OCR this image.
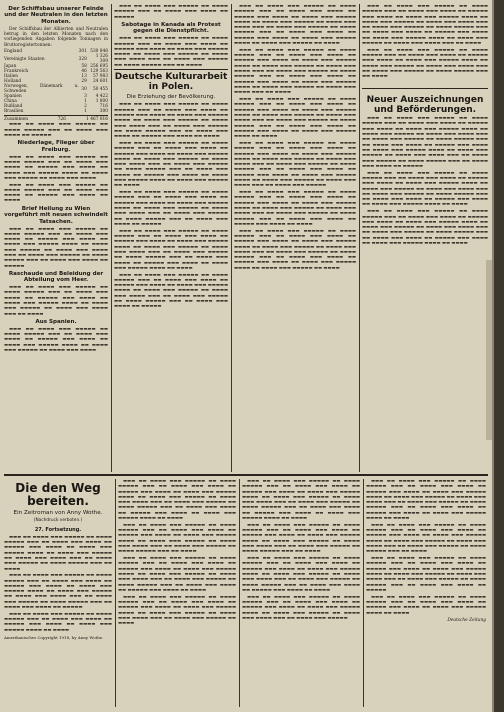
Der Schiffsbau unserer Feinde und der Neutralen in den letzten Monaten.

Der Schiffsbau der Alliierten und Neutralen betrug in den letzten Monaten nach den vorliegenden Angaben folgende Tonnagen in Bruttoregistertonnen:

England	301	530 848
Vereinigte Staaten	328	1 326 309
Japan	58	256 695
Frankreich	46	129 563
Italien	13	57 983
Holland	29	24 601
Norwegen, Dänemark u. Schweden	30	50 455
Spanien	3	4 422
China	1	1 800
Rußland	2	716
Brasilien	1	300
Zusammen	726	1 467 016

▬▬▬ ▬▬ ▬▬▬▬ ▬▬▬ ▬▬▬▬▬ ▬▬ ▬▬▬▬ ▬▬▬▬▬ ▬▬▬ ▬▬ ▬▬▬▬ ▬▬▬ ▬▬▬▬ ▬▬ ▬▬▬▬▬

Niederlage, Flieger über Freiburg.

▬▬▬ ▬▬ ▬▬▬▬ ▬▬▬ ▬▬▬▬▬ ▬▬ ▬▬▬▬ ▬▬▬▬▬ ▬▬▬ ▬▬ ▬▬▬▬ ▬▬▬ ▬▬▬▬ ▬▬ ▬▬▬▬▬ ▬▬▬ ▬▬▬▬ ▬▬ ▬▬▬▬ ▬▬▬ ▬▬▬▬▬ ▬▬▬▬ ▬▬ ▬▬▬▬ ▬▬▬ ▬▬▬▬▬ ▬▬ ▬▬▬▬ ▬▬▬ ▬▬▬▬

▬▬▬ ▬▬ ▬▬▬▬ ▬▬▬ ▬▬▬▬▬ ▬▬ ▬▬▬▬ ▬▬▬▬▬ ▬▬▬ ▬▬ ▬▬▬▬ ▬▬▬ ▬▬▬▬ ▬▬ ▬▬▬▬▬ ▬▬▬ ▬▬▬▬ ▬▬ ▬▬▬▬

Brief Heilung zu Wien vorgeführt mit neuen schwindelt Tatsachen.

▬▬▬ ▬▬ ▬▬▬▬ ▬▬▬ ▬▬▬▬▬ ▬▬ ▬▬▬▬ ▬▬▬▬▬ ▬▬▬ ▬▬ ▬▬▬▬ ▬▬▬ ▬▬▬▬ ▬▬ ▬▬▬▬▬ ▬▬▬ ▬▬▬▬ ▬▬ ▬▬▬▬ ▬▬▬ ▬▬▬▬▬ ▬▬▬▬ ▬▬ ▬▬▬▬ ▬▬▬ ▬▬▬▬▬ ▬▬ ▬▬▬▬ ▬▬▬ ▬▬▬▬ ▬▬▬ ▬▬ ▬▬▬▬ ▬▬▬ ▬▬▬▬▬ ▬▬ ▬▬▬▬ ▬▬▬▬▬ ▬▬▬ ▬▬ ▬▬▬▬ ▬▬▬ ▬▬▬▬ ▬▬ ▬▬▬▬▬

Raschaude und Beleidung der Abteilung vom Heer.

▬▬▬ ▬▬ ▬▬▬▬ ▬▬▬ ▬▬▬▬▬ ▬▬ ▬▬▬▬ ▬▬▬▬▬ ▬▬▬ ▬▬ ▬▬▬▬ ▬▬▬ ▬▬▬▬ ▬▬ ▬▬▬▬▬ ▬▬▬ ▬▬▬▬ ▬▬ ▬▬▬▬ ▬▬▬ ▬▬▬▬▬ ▬▬▬▬ ▬▬ ▬▬▬▬ ▬▬▬ ▬▬▬▬▬ ▬▬ ▬▬▬▬ ▬▬▬ ▬▬▬▬ ▬▬▬ ▬▬ ▬▬▬▬

Aus Spanien.

▬▬▬ ▬▬ ▬▬▬▬ ▬▬▬ ▬▬▬▬▬ ▬▬ ▬▬▬▬ ▬▬▬▬▬ ▬▬▬ ▬▬ ▬▬▬▬ ▬▬▬ ▬▬▬▬ ▬▬ ▬▬▬▬▬ ▬▬▬ ▬▬▬▬ ▬▬ ▬▬▬▬ ▬▬▬ ▬▬▬▬▬ ▬▬▬▬ ▬▬ ▬▬▬▬ ▬▬▬ ▬▬▬▬▬ ▬▬ ▬▬▬▬ ▬▬▬ ▬▬▬▬

▬▬▬ ▬▬ ▬▬▬▬ ▬▬▬ ▬▬▬▬▬ ▬▬ ▬▬▬▬ ▬▬▬▬▬ ▬▬▬ ▬▬ ▬▬▬▬ ▬▬▬ ▬▬▬▬ ▬▬ ▬▬▬▬▬

Sabotage in Kanada als Protest gegen die Dienstpflicht.

▬▬▬ ▬▬ ▬▬▬▬ ▬▬▬ ▬▬▬▬▬ ▬▬ ▬▬▬▬ ▬▬▬▬▬ ▬▬▬ ▬▬ ▬▬▬▬ ▬▬▬ ▬▬▬▬ ▬▬ ▬▬▬▬▬ ▬▬▬ ▬▬▬▬ ▬▬ ▬▬▬▬ ▬▬▬ ▬▬▬▬▬ ▬▬▬▬ ▬▬ ▬▬▬▬ ▬▬▬ ▬▬▬▬▬ ▬▬ ▬▬▬▬ ▬▬▬ ▬▬▬▬ ▬▬▬ ▬▬ ▬▬▬▬ ▬▬▬ ▬▬▬▬▬ ▬▬ ▬▬▬▬ ▬▬▬▬▬ ▬▬▬ ▬▬ ▬▬▬▬

Deutsche Kulturarbeit in Polen.
Die Erziehung der Bevölkerung.

▬▬▬ ▬▬ ▬▬▬▬ ▬▬▬ ▬▬▬▬▬ ▬▬ ▬▬▬▬ ▬▬▬▬▬ ▬▬▬ ▬▬ ▬▬▬▬ ▬▬▬ ▬▬▬▬ ▬▬ ▬▬▬▬▬ ▬▬▬ ▬▬▬▬ ▬▬ ▬▬▬▬ ▬▬▬ ▬▬▬▬▬ ▬▬▬▬ ▬▬ ▬▬▬▬ ▬▬▬ ▬▬▬▬▬ ▬▬ ▬▬▬▬ ▬▬▬ ▬▬▬▬ ▬▬▬ ▬▬ ▬▬▬▬ ▬▬▬ ▬▬▬▬▬ ▬▬ ▬▬▬▬ ▬▬▬▬▬ ▬▬▬ ▬▬ ▬▬▬▬ ▬▬▬ ▬▬▬▬ ▬▬ ▬▬▬▬▬ ▬▬▬ ▬▬▬▬ ▬▬ ▬▬▬▬

▬▬▬ ▬▬ ▬▬▬▬ ▬▬▬ ▬▬▬▬▬ ▬▬ ▬▬▬▬ ▬▬▬▬▬ ▬▬▬ ▬▬ ▬▬▬▬ ▬▬▬ ▬▬▬▬ ▬▬ ▬▬▬▬▬ ▬▬▬ ▬▬▬▬ ▬▬ ▬▬▬▬ ▬▬▬ ▬▬▬▬▬ ▬▬▬▬ ▬▬ ▬▬▬▬ ▬▬▬ ▬▬▬▬▬ ▬▬ ▬▬▬▬ ▬▬▬ ▬▬▬▬ ▬▬▬ ▬▬ ▬▬▬▬ ▬▬▬ ▬▬▬▬▬ ▬▬ ▬▬▬▬ ▬▬▬▬▬ ▬▬▬ ▬▬ ▬▬▬▬ ▬▬▬ ▬▬▬▬ ▬▬ ▬▬▬▬▬ ▬▬▬ ▬▬▬▬ ▬▬ ▬▬▬▬ ▬▬▬ ▬▬▬▬▬ ▬▬▬▬ ▬▬ ▬▬▬▬ ▬▬▬ ▬▬▬▬▬ ▬▬ ▬▬▬▬

▬▬▬ ▬▬ ▬▬▬▬ ▬▬▬ ▬▬▬▬▬ ▬▬ ▬▬▬▬ ▬▬▬▬▬ ▬▬▬ ▬▬ ▬▬▬▬ ▬▬▬ ▬▬▬▬ ▬▬ ▬▬▬▬▬ ▬▬▬ ▬▬▬▬ ▬▬ ▬▬▬▬ ▬▬▬ ▬▬▬▬▬ ▬▬▬▬ ▬▬ ▬▬▬▬ ▬▬▬ ▬▬▬▬▬ ▬▬ ▬▬▬▬ ▬▬▬ ▬▬▬▬ ▬▬▬ ▬▬ ▬▬▬▬ ▬▬▬ ▬▬▬▬▬ ▬▬ ▬▬▬▬ ▬▬▬▬▬ ▬▬▬ ▬▬ ▬▬▬▬ ▬▬▬ ▬▬▬▬ ▬▬ ▬▬▬▬▬

▬▬▬ ▬▬ ▬▬▬▬ ▬▬▬ ▬▬▬▬▬ ▬▬ ▬▬▬▬ ▬▬▬▬▬ ▬▬▬ ▬▬ ▬▬▬▬ ▬▬▬ ▬▬▬▬ ▬▬ ▬▬▬▬▬ ▬▬▬ ▬▬▬▬ ▬▬ ▬▬▬▬ ▬▬▬ ▬▬▬▬▬ ▬▬▬▬ ▬▬ ▬▬▬▬ ▬▬▬ ▬▬▬▬▬ ▬▬ ▬▬▬▬ ▬▬▬ ▬▬▬▬ ▬▬▬ ▬▬ ▬▬▬▬ ▬▬▬ ▬▬▬▬▬ ▬▬ ▬▬▬▬ ▬▬▬▬▬ ▬▬▬ ▬▬ ▬▬▬▬ ▬▬▬ ▬▬▬▬ ▬▬ ▬▬▬▬▬ ▬▬▬ ▬▬▬▬ ▬▬ ▬▬▬▬ ▬▬▬ ▬▬▬▬▬ ▬▬▬▬ ▬▬ ▬▬▬▬

▬▬▬ ▬▬ ▬▬▬▬ ▬▬▬ ▬▬▬▬▬ ▬▬ ▬▬▬▬ ▬▬▬▬▬ ▬▬▬ ▬▬ ▬▬▬▬ ▬▬▬ ▬▬▬▬ ▬▬ ▬▬▬▬▬ ▬▬▬ ▬▬▬▬ ▬▬ ▬▬▬▬ ▬▬▬ ▬▬▬▬▬ ▬▬▬▬ ▬▬ ▬▬▬▬ ▬▬▬ ▬▬▬▬▬ ▬▬ ▬▬▬▬ ▬▬▬ ▬▬▬▬ ▬▬▬ ▬▬ ▬▬▬▬ ▬▬▬ ▬▬▬▬▬ ▬▬ ▬▬▬▬ ▬▬▬▬▬ ▬▬▬ ▬▬ ▬▬▬▬ ▬▬▬ ▬▬▬▬ ▬▬ ▬▬▬▬▬

▬▬▬ ▬▬ ▬▬▬▬ ▬▬▬ ▬▬▬▬▬ ▬▬ ▬▬▬▬ ▬▬▬▬▬ ▬▬▬ ▬▬ ▬▬▬▬ ▬▬▬ ▬▬▬▬ ▬▬ ▬▬▬▬▬ ▬▬▬ ▬▬▬▬ ▬▬ ▬▬▬▬ ▬▬▬ ▬▬▬▬▬ ▬▬▬▬ ▬▬ ▬▬▬▬ ▬▬▬ ▬▬▬▬▬ ▬▬ ▬▬▬▬ ▬▬▬ ▬▬▬▬ ▬▬▬ ▬▬ ▬▬▬▬ ▬▬▬ ▬▬▬▬▬ ▬▬ ▬▬▬▬ ▬▬▬▬▬ ▬▬▬ ▬▬ ▬▬▬▬ ▬▬▬ ▬▬▬▬ ▬▬ ▬▬▬▬▬ ▬▬▬ ▬▬▬▬ ▬▬ ▬▬▬▬ ▬▬▬ ▬▬▬▬▬ ▬▬▬▬ ▬▬ ▬▬▬▬ ▬▬▬ ▬▬▬▬▬ ▬▬ ▬▬▬▬

▬▬▬ ▬▬ ▬▬▬▬ ▬▬▬ ▬▬▬▬▬ ▬▬ ▬▬▬▬ ▬▬▬▬▬ ▬▬▬ ▬▬ ▬▬▬▬ ▬▬▬ ▬▬▬▬ ▬▬ ▬▬▬▬▬ ▬▬▬ ▬▬▬▬ ▬▬ ▬▬▬▬ ▬▬▬ ▬▬▬▬▬ ▬▬▬▬ ▬▬ ▬▬▬▬ ▬▬▬ ▬▬▬▬▬ ▬▬ ▬▬▬▬ ▬▬▬ ▬▬▬▬ ▬▬▬ ▬▬ ▬▬▬▬ ▬▬▬ ▬▬▬▬▬ ▬▬ ▬▬▬▬ ▬▬▬▬▬ ▬▬▬ ▬▬ ▬▬▬▬ ▬▬▬ ▬▬▬▬ ▬▬ ▬▬▬▬▬ ▬▬▬ ▬▬▬▬ ▬▬ ▬▬▬▬ ▬▬▬ ▬▬▬▬▬ ▬▬▬▬ ▬▬ ▬▬▬▬ ▬▬▬ ▬▬▬▬▬ ▬▬ ▬▬▬▬ ▬▬▬ ▬▬▬▬ ▬▬▬ ▬▬ ▬▬▬▬

▬▬▬ ▬▬ ▬▬▬▬ ▬▬▬ ▬▬▬▬▬ ▬▬ ▬▬▬▬ ▬▬▬▬▬ ▬▬▬ ▬▬ ▬▬▬▬ ▬▬▬ ▬▬▬▬ ▬▬ ▬▬▬▬▬ ▬▬▬ ▬▬▬▬ ▬▬ ▬▬▬▬ ▬▬▬ ▬▬▬▬▬ ▬▬▬▬ ▬▬ ▬▬▬▬ ▬▬▬ ▬▬▬▬▬ ▬▬ ▬▬▬▬ ▬▬▬ ▬▬▬▬ ▬▬▬ ▬▬ ▬▬▬▬ ▬▬▬ ▬▬▬▬▬ ▬▬ ▬▬▬▬ ▬▬▬▬▬ ▬▬▬ ▬▬ ▬▬▬▬ ▬▬▬ ▬▬▬▬ ▬▬ ▬▬▬▬▬ ▬▬▬ ▬▬▬▬ ▬▬ ▬▬▬▬ ▬▬▬ ▬▬▬▬▬ ▬▬▬▬ ▬▬ ▬▬▬▬

▬▬▬ ▬▬ ▬▬▬▬ ▬▬▬ ▬▬▬▬▬ ▬▬ ▬▬▬▬ ▬▬▬▬▬ ▬▬▬ ▬▬ ▬▬▬▬ ▬▬▬ ▬▬▬▬ ▬▬ ▬▬▬▬▬ ▬▬▬ ▬▬▬▬ ▬▬ ▬▬▬▬ ▬▬▬ ▬▬▬▬▬ ▬▬▬▬ ▬▬ ▬▬▬▬ ▬▬▬ ▬▬▬▬▬ ▬▬ ▬▬▬▬ ▬▬▬ ▬▬▬▬ ▬▬▬ ▬▬ ▬▬▬▬ ▬▬▬ ▬▬▬▬▬ ▬▬ ▬▬▬▬ ▬▬▬▬▬ ▬▬▬ ▬▬ ▬▬▬▬ ▬▬▬ ▬▬▬▬ ▬▬ ▬▬▬▬▬ ▬▬▬ ▬▬▬▬ ▬▬ ▬▬▬▬ ▬▬▬ ▬▬▬▬▬ ▬▬▬▬ ▬▬ ▬▬▬▬ ▬▬▬ ▬▬▬▬▬ ▬▬ ▬▬▬▬ ▬▬▬ ▬▬▬▬ ▬▬▬ ▬▬ ▬▬▬▬ ▬▬▬ ▬▬▬▬▬

▬▬▬ ▬▬ ▬▬▬▬ ▬▬▬ ▬▬▬▬▬ ▬▬ ▬▬▬▬ ▬▬▬▬▬ ▬▬▬ ▬▬ ▬▬▬▬ ▬▬▬ ▬▬▬▬ ▬▬ ▬▬▬▬▬ ▬▬▬ ▬▬▬▬ ▬▬ ▬▬▬▬ ▬▬▬ ▬▬▬▬▬ ▬▬▬▬ ▬▬ ▬▬▬▬ ▬▬▬ ▬▬▬▬▬ ▬▬ ▬▬▬▬ ▬▬▬ ▬▬▬▬ ▬▬▬ ▬▬ ▬▬▬▬ ▬▬▬ ▬▬▬▬▬ ▬▬ ▬▬▬▬ ▬▬▬▬▬ ▬▬▬ ▬▬ ▬▬▬▬ ▬▬▬ ▬▬▬▬ ▬▬ ▬▬▬▬▬ ▬▬▬ ▬▬▬▬ ▬▬ ▬▬▬▬

▬▬▬ ▬▬ ▬▬▬▬ ▬▬▬ ▬▬▬▬▬ ▬▬ ▬▬▬▬ ▬▬▬▬▬ ▬▬▬ ▬▬ ▬▬▬▬ ▬▬▬ ▬▬▬▬ ▬▬ ▬▬▬▬▬ ▬▬▬ ▬▬▬▬ ▬▬ ▬▬▬▬ ▬▬▬ ▬▬▬▬▬ ▬▬▬▬ ▬▬ ▬▬▬▬ ▬▬▬ ▬▬▬▬▬ ▬▬ ▬▬▬▬ ▬▬▬ ▬▬▬▬ ▬▬▬ ▬▬ ▬▬▬▬ ▬▬▬ ▬▬▬▬▬ ▬▬ ▬▬▬▬ ▬▬▬▬▬ ▬▬▬ ▬▬ ▬▬▬▬ ▬▬▬ ▬▬▬▬ ▬▬ ▬▬▬▬▬ ▬▬▬ ▬▬▬▬ ▬▬ ▬▬▬▬ ▬▬▬ ▬▬▬▬▬ ▬▬▬▬ ▬▬ ▬▬▬▬ ▬▬▬ ▬▬▬▬▬ ▬▬ ▬▬▬▬

▬▬▬ ▬▬ ▬▬▬▬ ▬▬▬ ▬▬▬▬▬ ▬▬ ▬▬▬▬ ▬▬▬▬▬ ▬▬▬ ▬▬ ▬▬▬▬ ▬▬▬ ▬▬▬▬ ▬▬ ▬▬▬▬▬ ▬▬▬ ▬▬▬▬ ▬▬ ▬▬▬▬ ▬▬▬ ▬▬▬▬▬ ▬▬▬▬ ▬▬ ▬▬▬▬ ▬▬▬ ▬▬▬▬▬ ▬▬ ▬▬▬▬ ▬▬▬ ▬▬▬▬ ▬▬▬ ▬▬ ▬▬▬▬ ▬▬▬ ▬▬▬▬▬ ▬▬ ▬▬▬▬ ▬▬▬▬▬ ▬▬▬ ▬▬ ▬▬▬▬ ▬▬▬ ▬▬▬▬ ▬▬ ▬▬▬▬▬ ▬▬▬ ▬▬▬▬ ▬▬ ▬▬▬▬ ▬▬▬ ▬▬▬▬▬ ▬▬▬▬ ▬▬ ▬▬▬▬ ▬▬▬ ▬▬▬▬▬ ▬▬ ▬▬▬▬ ▬▬▬ ▬▬▬▬ ▬▬▬ ▬▬ ▬▬▬▬

▬▬▬ ▬▬ ▬▬▬▬ ▬▬▬ ▬▬▬▬▬ ▬▬ ▬▬▬▬ ▬▬▬▬▬ ▬▬▬ ▬▬ ▬▬▬▬ ▬▬▬ ▬▬▬▬ ▬▬ ▬▬▬▬▬ ▬▬▬ ▬▬▬▬ ▬▬ ▬▬▬▬ ▬▬▬ ▬▬▬▬▬ ▬▬▬▬ ▬▬ ▬▬▬▬ ▬▬▬ ▬▬▬▬▬ ▬▬ ▬▬▬▬ ▬▬▬ ▬▬▬▬ ▬▬▬ ▬▬ ▬▬▬▬ ▬▬▬ ▬▬▬▬▬ ▬▬ ▬▬▬▬ ▬▬▬▬▬ ▬▬▬ ▬▬ ▬▬▬▬

Neuer Auszeichnungen und Beförderungen.

▬▬▬ ▬▬ ▬▬▬▬ ▬▬▬ ▬▬▬▬▬ ▬▬ ▬▬▬▬ ▬▬▬▬▬ ▬▬▬ ▬▬ ▬▬▬▬ ▬▬▬ ▬▬▬▬ ▬▬ ▬▬▬▬▬ ▬▬▬ ▬▬▬▬ ▬▬ ▬▬▬▬ ▬▬▬ ▬▬▬▬▬ ▬▬▬▬ ▬▬ ▬▬▬▬ ▬▬▬ ▬▬▬▬▬ ▬▬ ▬▬▬▬ ▬▬▬ ▬▬▬▬ ▬▬▬ ▬▬ ▬▬▬▬ ▬▬▬ ▬▬▬▬▬ ▬▬ ▬▬▬▬ ▬▬▬▬▬ ▬▬▬ ▬▬ ▬▬▬▬ ▬▬▬ ▬▬▬▬ ▬▬ ▬▬▬▬▬ ▬▬▬ ▬▬▬▬ ▬▬ ▬▬▬▬ ▬▬▬ ▬▬▬▬▬ ▬▬▬▬ ▬▬ ▬▬▬▬ ▬▬▬ ▬▬▬▬▬ ▬▬ ▬▬▬▬ ▬▬▬ ▬▬▬▬ ▬▬▬ ▬▬ ▬▬▬▬ ▬▬▬ ▬▬▬▬▬ ▬▬ ▬▬▬▬ ▬▬▬▬▬ ▬▬▬ ▬▬ ▬▬▬▬ ▬▬▬ ▬▬▬▬ ▬▬ ▬▬▬▬▬

▬▬▬ ▬▬ ▬▬▬▬ ▬▬▬ ▬▬▬▬▬ ▬▬ ▬▬▬▬ ▬▬▬▬▬ ▬▬▬ ▬▬ ▬▬▬▬ ▬▬▬ ▬▬▬▬ ▬▬ ▬▬▬▬▬ ▬▬▬ ▬▬▬▬ ▬▬ ▬▬▬▬ ▬▬▬ ▬▬▬▬▬ ▬▬▬▬ ▬▬ ▬▬▬▬ ▬▬▬ ▬▬▬▬▬ ▬▬ ▬▬▬▬ ▬▬▬ ▬▬▬▬ ▬▬▬ ▬▬ ▬▬▬▬ ▬▬▬ ▬▬▬▬▬ ▬▬ ▬▬▬▬ ▬▬▬▬▬ ▬▬▬ ▬▬ ▬▬▬▬ ▬▬▬ ▬▬▬▬ ▬▬ ▬▬▬▬▬ ▬▬▬ ▬▬▬▬ ▬▬ ▬▬▬▬ ▬▬▬ ▬▬▬▬▬ ▬▬▬▬ ▬▬ ▬▬▬▬

▬▬▬ ▬▬ ▬▬▬▬ ▬▬▬ ▬▬▬▬▬ ▬▬ ▬▬▬▬ ▬▬▬▬▬ ▬▬▬ ▬▬ ▬▬▬▬ ▬▬▬ ▬▬▬▬ ▬▬ ▬▬▬▬▬ ▬▬▬ ▬▬▬▬ ▬▬ ▬▬▬▬ ▬▬▬ ▬▬▬▬▬ ▬▬▬▬ ▬▬ ▬▬▬▬ ▬▬▬ ▬▬▬▬▬ ▬▬ ▬▬▬▬ ▬▬▬ ▬▬▬▬ ▬▬▬ ▬▬ ▬▬▬▬ ▬▬▬ ▬▬▬▬▬ ▬▬ ▬▬▬▬ ▬▬▬▬▬ ▬▬▬ ▬▬ ▬▬▬▬ ▬▬▬ ▬▬▬▬ ▬▬ ▬▬▬▬▬ ▬▬▬ ▬▬▬▬ ▬▬ ▬▬▬▬ ▬▬▬ ▬▬▬▬▬ ▬▬▬▬ ▬▬ ▬▬▬▬

Die den Weg bereiten.
Ein Zeitroman von Anny Wothe.
(Nachdruck verboten.)
27. Fortsetzung.

▬▬▬ ▬▬ ▬▬▬▬ ▬▬▬ ▬▬▬▬▬ ▬▬ ▬▬▬▬ ▬▬▬▬▬ ▬▬▬ ▬▬ ▬▬▬▬ ▬▬▬ ▬▬▬▬ ▬▬ ▬▬▬▬▬ ▬▬▬ ▬▬▬▬ ▬▬ ▬▬▬▬ ▬▬▬ ▬▬▬▬▬ ▬▬▬▬ ▬▬ ▬▬▬▬ ▬▬▬ ▬▬▬▬▬ ▬▬ ▬▬▬▬ ▬▬▬ ▬▬▬▬ ▬▬▬ ▬▬ ▬▬▬▬ ▬▬▬ ▬▬▬▬▬ ▬▬ ▬▬▬▬ ▬▬▬▬▬ ▬▬▬ ▬▬ ▬▬▬▬

▬▬▬ ▬▬ ▬▬▬▬ ▬▬▬ ▬▬▬▬▬ ▬▬ ▬▬▬▬ ▬▬▬▬▬ ▬▬▬ ▬▬ ▬▬▬▬ ▬▬▬ ▬▬▬▬ ▬▬ ▬▬▬▬▬ ▬▬▬ ▬▬▬▬ ▬▬ ▬▬▬▬ ▬▬▬ ▬▬▬▬▬ ▬▬▬▬ ▬▬ ▬▬▬▬ ▬▬▬ ▬▬▬▬▬ ▬▬ ▬▬▬▬ ▬▬▬ ▬▬▬▬ ▬▬▬ ▬▬ ▬▬▬▬ ▬▬▬ ▬▬▬▬▬ ▬▬ ▬▬▬▬ ▬▬▬▬▬ ▬▬▬ ▬▬ ▬▬▬▬ ▬▬▬ ▬▬▬▬ ▬▬ ▬▬▬▬▬

▬▬▬ ▬▬ ▬▬▬▬ ▬▬▬ ▬▬▬▬▬ ▬▬ ▬▬▬▬ ▬▬▬▬▬ ▬▬▬ ▬▬ ▬▬▬▬ ▬▬▬ ▬▬▬▬ ▬▬ ▬▬▬▬▬ ▬▬▬ ▬▬▬▬ ▬▬ ▬▬▬▬ ▬▬▬ ▬▬▬▬▬ ▬▬▬▬ ▬▬ ▬▬▬▬

Amerikanisches Copyright 1918, by Anny Wothe.

▬▬▬ ▬▬ ▬▬▬▬ ▬▬▬ ▬▬▬▬▬ ▬▬ ▬▬▬▬ ▬▬▬▬▬ ▬▬▬ ▬▬ ▬▬▬▬ ▬▬▬ ▬▬▬▬ ▬▬ ▬▬▬▬▬ ▬▬▬ ▬▬▬▬ ▬▬ ▬▬▬▬ ▬▬▬ ▬▬▬▬▬ ▬▬▬▬ ▬▬ ▬▬▬▬ ▬▬▬ ▬▬▬▬▬ ▬▬ ▬▬▬▬ ▬▬▬ ▬▬▬▬ ▬▬▬ ▬▬ ▬▬▬▬ ▬▬▬ ▬▬▬▬▬ ▬▬ ▬▬▬▬ ▬▬▬▬▬ ▬▬▬ ▬▬ ▬▬▬▬ ▬▬▬ ▬▬▬▬ ▬▬ ▬▬▬▬▬ ▬▬▬ ▬▬▬▬ ▬▬ ▬▬▬▬ ▬▬▬ ▬▬▬▬▬ ▬▬▬▬ ▬▬ ▬▬▬▬

▬▬▬ ▬▬ ▬▬▬▬ ▬▬▬ ▬▬▬▬▬ ▬▬ ▬▬▬▬ ▬▬▬▬▬ ▬▬▬ ▬▬ ▬▬▬▬ ▬▬▬ ▬▬▬▬ ▬▬ ▬▬▬▬▬ ▬▬▬ ▬▬▬▬ ▬▬ ▬▬▬▬ ▬▬▬ ▬▬▬▬▬ ▬▬▬▬ ▬▬ ▬▬▬▬ ▬▬▬ ▬▬▬▬▬ ▬▬ ▬▬▬▬ ▬▬▬ ▬▬▬▬ ▬▬▬ ▬▬ ▬▬▬▬ ▬▬▬ ▬▬▬▬▬ ▬▬ ▬▬▬▬ ▬▬▬▬▬ ▬▬▬ ▬▬ ▬▬▬▬

▬▬▬ ▬▬ ▬▬▬▬ ▬▬▬ ▬▬▬▬▬ ▬▬ ▬▬▬▬ ▬▬▬▬▬ ▬▬▬ ▬▬ ▬▬▬▬ ▬▬▬ ▬▬▬▬ ▬▬ ▬▬▬▬▬ ▬▬▬ ▬▬▬▬ ▬▬ ▬▬▬▬ ▬▬▬ ▬▬▬▬▬ ▬▬▬▬ ▬▬ ▬▬▬▬ ▬▬▬ ▬▬▬▬▬ ▬▬ ▬▬▬▬ ▬▬▬ ▬▬▬▬ ▬▬▬ ▬▬ ▬▬▬▬ ▬▬▬ ▬▬▬▬▬ ▬▬ ▬▬▬▬ ▬▬▬▬▬ ▬▬▬ ▬▬ ▬▬▬▬ ▬▬▬ ▬▬▬▬ ▬▬ ▬▬▬▬▬ ▬▬▬ ▬▬▬▬ ▬▬ ▬▬▬▬

▬▬▬ ▬▬ ▬▬▬▬ ▬▬▬ ▬▬▬▬▬ ▬▬ ▬▬▬▬ ▬▬▬▬▬ ▬▬▬ ▬▬ ▬▬▬▬ ▬▬▬ ▬▬▬▬ ▬▬ ▬▬▬▬▬ ▬▬▬ ▬▬▬▬ ▬▬ ▬▬▬▬ ▬▬▬ ▬▬▬▬▬ ▬▬▬▬ ▬▬ ▬▬▬▬ ▬▬▬ ▬▬▬▬▬ ▬▬ ▬▬▬▬ ▬▬▬ ▬▬▬▬ ▬▬▬ ▬▬ ▬▬▬▬ ▬▬▬ ▬▬▬▬▬ ▬▬ ▬▬▬▬

▬▬▬ ▬▬ ▬▬▬▬ ▬▬▬ ▬▬▬▬▬ ▬▬ ▬▬▬▬ ▬▬▬▬▬ ▬▬▬ ▬▬ ▬▬▬▬ ▬▬▬ ▬▬▬▬ ▬▬ ▬▬▬▬▬ ▬▬▬ ▬▬▬▬ ▬▬ ▬▬▬▬ ▬▬▬ ▬▬▬▬▬ ▬▬▬▬ ▬▬ ▬▬▬▬ ▬▬▬ ▬▬▬▬▬ ▬▬ ▬▬▬▬ ▬▬▬ ▬▬▬▬ ▬▬▬ ▬▬ ▬▬▬▬ ▬▬▬ ▬▬▬▬▬ ▬▬ ▬▬▬▬ ▬▬▬▬▬ ▬▬▬ ▬▬ ▬▬▬▬ ▬▬▬ ▬▬▬▬ ▬▬ ▬▬▬▬▬ ▬▬▬ ▬▬▬▬ ▬▬ ▬▬▬▬ ▬▬▬ ▬▬▬▬▬ ▬▬▬▬ ▬▬ ▬▬▬▬

▬▬▬ ▬▬ ▬▬▬▬ ▬▬▬ ▬▬▬▬▬ ▬▬ ▬▬▬▬ ▬▬▬▬▬ ▬▬▬ ▬▬ ▬▬▬▬ ▬▬▬ ▬▬▬▬ ▬▬ ▬▬▬▬▬ ▬▬▬ ▬▬▬▬ ▬▬ ▬▬▬▬ ▬▬▬ ▬▬▬▬▬ ▬▬▬▬ ▬▬ ▬▬▬▬ ▬▬▬ ▬▬▬▬▬ ▬▬ ▬▬▬▬ ▬▬▬ ▬▬▬▬ ▬▬▬ ▬▬ ▬▬▬▬ ▬▬▬ ▬▬▬▬▬ ▬▬ ▬▬▬▬ ▬▬▬▬▬ ▬▬▬ ▬▬ ▬▬▬▬

▬▬▬ ▬▬ ▬▬▬▬ ▬▬▬ ▬▬▬▬▬ ▬▬ ▬▬▬▬ ▬▬▬▬▬ ▬▬▬ ▬▬ ▬▬▬▬ ▬▬▬ ▬▬▬▬ ▬▬ ▬▬▬▬▬ ▬▬▬ ▬▬▬▬ ▬▬ ▬▬▬▬ ▬▬▬ ▬▬▬▬▬ ▬▬▬▬ ▬▬ ▬▬▬▬ ▬▬▬ ▬▬▬▬▬ ▬▬ ▬▬▬▬ ▬▬▬ ▬▬▬▬ ▬▬▬ ▬▬ ▬▬▬▬ ▬▬▬ ▬▬▬▬▬ ▬▬ ▬▬▬▬ ▬▬▬▬▬ ▬▬▬ ▬▬ ▬▬▬▬ ▬▬▬ ▬▬▬▬ ▬▬ ▬▬▬▬▬ ▬▬▬ ▬▬▬▬ ▬▬ ▬▬▬▬

▬▬▬ ▬▬ ▬▬▬▬ ▬▬▬ ▬▬▬▬▬ ▬▬ ▬▬▬▬ ▬▬▬▬▬ ▬▬▬ ▬▬ ▬▬▬▬ ▬▬▬ ▬▬▬▬ ▬▬ ▬▬▬▬▬ ▬▬▬ ▬▬▬▬ ▬▬ ▬▬▬▬ ▬▬▬ ▬▬▬▬▬ ▬▬▬▬ ▬▬ ▬▬▬▬ ▬▬▬ ▬▬▬▬▬ ▬▬ ▬▬▬▬ ▬▬▬ ▬▬▬▬ ▬▬▬ ▬▬ ▬▬▬▬ ▬▬▬ ▬▬▬▬▬

▬▬▬ ▬▬ ▬▬▬▬ ▬▬▬ ▬▬▬▬▬ ▬▬ ▬▬▬▬ ▬▬▬▬▬ ▬▬▬ ▬▬ ▬▬▬▬ ▬▬▬ ▬▬▬▬ ▬▬ ▬▬▬▬▬ ▬▬▬ ▬▬▬▬ ▬▬ ▬▬▬▬ ▬▬▬ ▬▬▬▬▬ ▬▬▬▬ ▬▬ ▬▬▬▬ ▬▬▬ ▬▬▬▬▬ ▬▬ ▬▬▬▬ ▬▬▬ ▬▬▬▬ ▬▬▬ ▬▬ ▬▬▬▬ ▬▬▬ ▬▬▬▬▬ ▬▬ ▬▬▬▬ ▬▬▬▬▬ ▬▬▬ ▬▬ ▬▬▬▬ ▬▬▬ ▬▬▬▬ ▬▬ ▬▬▬▬▬ ▬▬▬ ▬▬▬▬ ▬▬ ▬▬▬▬ ▬▬▬ ▬▬▬▬▬ ▬▬▬▬ ▬▬ ▬▬▬▬

▬▬▬ ▬▬ ▬▬▬▬ ▬▬▬ ▬▬▬▬▬ ▬▬ ▬▬▬▬ ▬▬▬▬▬ ▬▬▬ ▬▬ ▬▬▬▬ ▬▬▬ ▬▬▬▬ ▬▬ ▬▬▬▬▬ ▬▬▬ ▬▬▬▬ ▬▬ ▬▬▬▬ ▬▬▬ ▬▬▬▬▬ ▬▬▬▬ ▬▬ ▬▬▬▬ ▬▬▬ ▬▬▬▬▬ ▬▬ ▬▬▬▬ ▬▬▬ ▬▬▬▬ ▬▬▬ ▬▬ ▬▬▬▬ ▬▬▬ ▬▬▬▬▬ ▬▬ ▬▬▬▬ ▬▬▬▬▬ ▬▬▬ ▬▬ ▬▬▬▬

▬▬▬ ▬▬ ▬▬▬▬ ▬▬▬ ▬▬▬▬▬ ▬▬ ▬▬▬▬ ▬▬▬▬▬ ▬▬▬ ▬▬ ▬▬▬▬ ▬▬▬ ▬▬▬▬ ▬▬ ▬▬▬▬▬ ▬▬▬ ▬▬▬▬ ▬▬ ▬▬▬▬ ▬▬▬ ▬▬▬▬▬ ▬▬▬▬ ▬▬ ▬▬▬▬ ▬▬▬ ▬▬▬▬▬ ▬▬ ▬▬▬▬ ▬▬▬ ▬▬▬▬ ▬▬▬ ▬▬ ▬▬▬▬ ▬▬▬ ▬▬▬▬▬ ▬▬ ▬▬▬▬ ▬▬▬▬▬ ▬▬▬ ▬▬ ▬▬▬▬ ▬▬▬ ▬▬▬▬ ▬▬ ▬▬▬▬▬

▬▬▬ ▬▬ ▬▬▬▬ ▬▬▬ ▬▬▬▬▬ ▬▬ ▬▬▬▬ ▬▬▬▬▬ ▬▬▬ ▬▬ ▬▬▬▬ ▬▬▬ ▬▬▬▬ ▬▬ ▬▬▬▬▬ ▬▬▬ ▬▬▬▬ ▬▬ ▬▬▬▬ ▬▬▬ ▬▬▬▬▬ ▬▬▬▬ ▬▬ ▬▬▬▬

Deutsche Zeitung
